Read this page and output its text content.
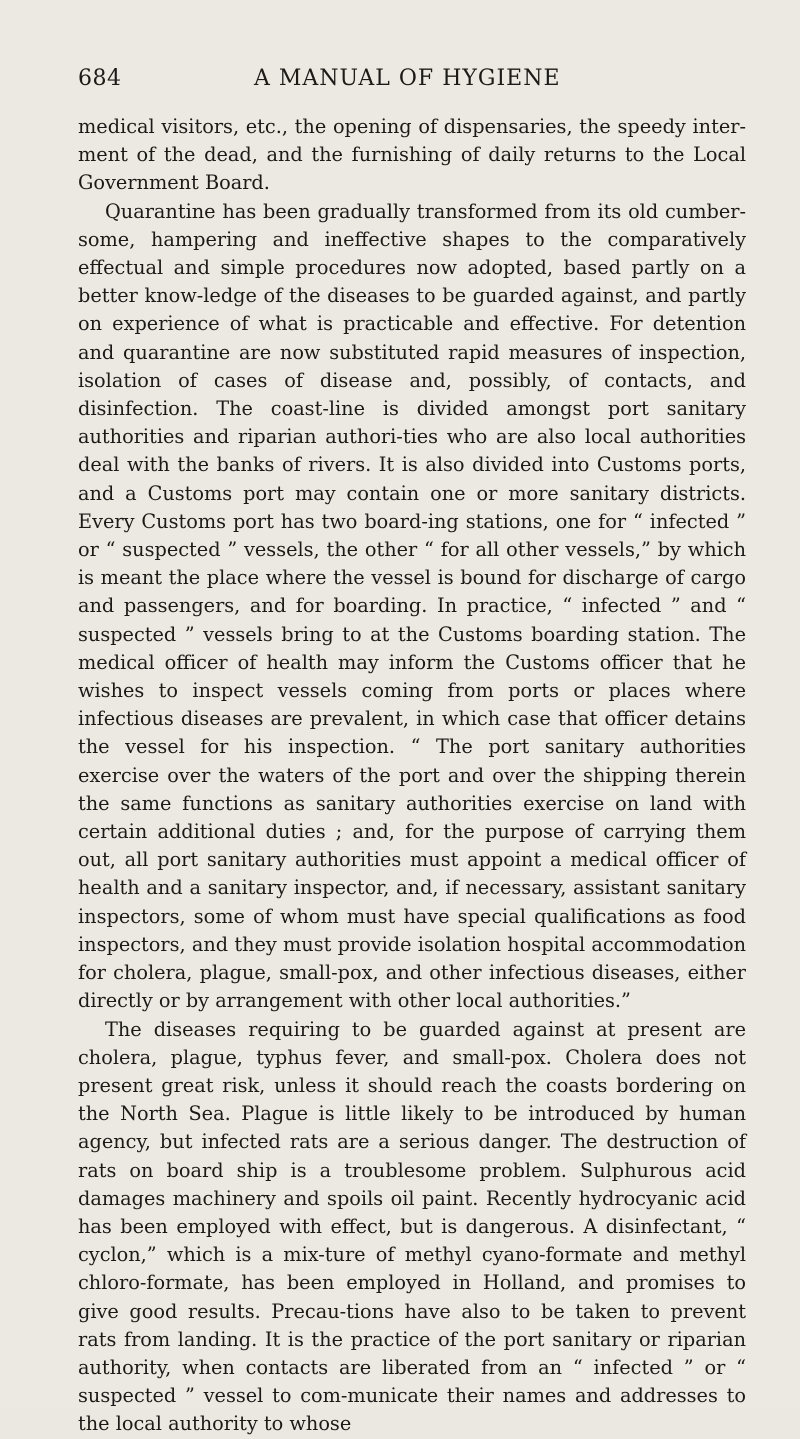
684	A MANUAL OF HYGIENE

medical visitors, etc., the opening of dispensaries, the speedy inter-ment of the dead, and the furnishing of daily returns to the Local Government Board.

Quarantine has been gradually transformed from its old cumber-some, hampering and ineffective shapes to the comparatively effectual and simple procedures now adopted, based partly on a better know-ledge of the diseases to be guarded against, and partly on experience of what is practicable and effective. For detention and quarantine are now substituted rapid measures of inspection, isolation of cases of disease and, possibly, of contacts, and disinfection. The coast-line is divided amongst port sanitary authorities and riparian authori-ties who are also local authorities deal with the banks of rivers. It is also divided into Customs ports, and a Customs port may contain one or more sanitary districts. Every Customs port has two board-ing stations, one for “ infected ” or “ suspected ” vessels, the other “ for all other vessels,” by which is meant the place where the vessel is bound for discharge of cargo and passengers, and for boarding. In practice, “ infected ” and “ suspected ” vessels bring to at the Customs boarding station. The medical officer of health may inform the Customs officer that he wishes to inspect vessels coming from ports or places where infectious diseases are prevalent, in which case that officer detains the vessel for his inspection. “ The port sanitary authorities exercise over the waters of the port and over the shipping therein the same functions as sanitary authorities exercise on land with certain additional duties ; and, for the purpose of carrying them out, all port sanitary authorities must appoint a medical officer of health and a sanitary inspector, and, if necessary, assistant sanitary inspectors, some of whom must have special qualifications as food inspectors, and they must provide isolation hospital accommodation for cholera, plague, small-pox, and other infectious diseases, either directly or by arrangement with other local authorities.”

The diseases requiring to be guarded against at present are cholera, plague, typhus fever, and small-pox. Cholera does not present great risk, unless it should reach the coasts bordering on the North Sea. Plague is little likely to be introduced by human agency, but infected rats are a serious danger. The destruction of rats on board ship is a troublesome problem. Sulphurous acid damages machinery and spoils oil paint. Recently hydrocyanic acid has been employed with effect, but is dangerous. A disinfectant, “ cyclon,” which is a mix-ture of methyl cyano-formate and methyl chloro-formate, has been employed in Holland, and promises to give good results. Precau-tions have also to be taken to prevent rats from landing. It is the practice of the port sanitary or riparian authority, when contacts are liberated from an “ infected ” or “ suspected ” vessel to com-municate their names and addresses to the local authority to whose
